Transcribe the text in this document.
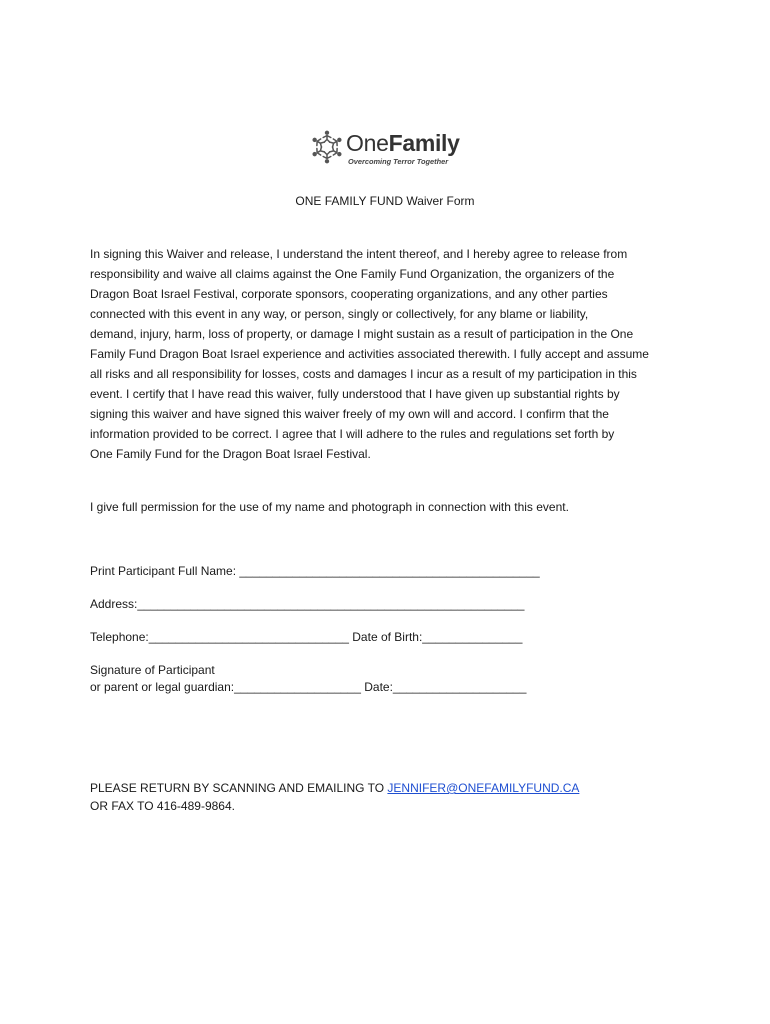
OneFamily
Overcoming Terror Together
ONE FAMILY FUND Waiver Form

In signing this Waiver and release, I understand the intent thereof, and I hereby agree to release from

responsibility and waive all claims against the One Family Fund Organization, the organizers of the

Dragon Boat Israel Festival, corporate sponsors, cooperating organizations, and any other parties

connected with this event in any way, or person, singly or collectively, for any blame or liability,

demand, injury, harm, loss of property, or damage I might sustain as a result of participation in the One

Family Fund Dragon Boat Israel experience and activities associated therewith. I fully accept and assume

all risks and all responsibility for losses, costs and damages I incur as a result of my participation in this

event. I certify that I have read this waiver, fully understood that I have given up substantial rights by

signing this waiver and have signed this waiver freely of my own will and accord. I confirm that the

information provided to be correct. I agree that I will adhere to the rules and regulations set forth by

One Family Fund for the Dragon Boat Israel Festival.

I give full permission for the use of my name and photograph in connection with this event.

Print Participant Full Name: _____________________________________________
Address:__________________________________________________________
Telephone:______________________________ Date of Birth:_______________
Signature of Participant
or parent or legal guardian:___________________ Date:____________________
PLEASE RETURN BY SCANNING AND EMAILING TO JENNIFER@ONEFAMILYFUND.CA
OR FAX TO 416-489-9864.
